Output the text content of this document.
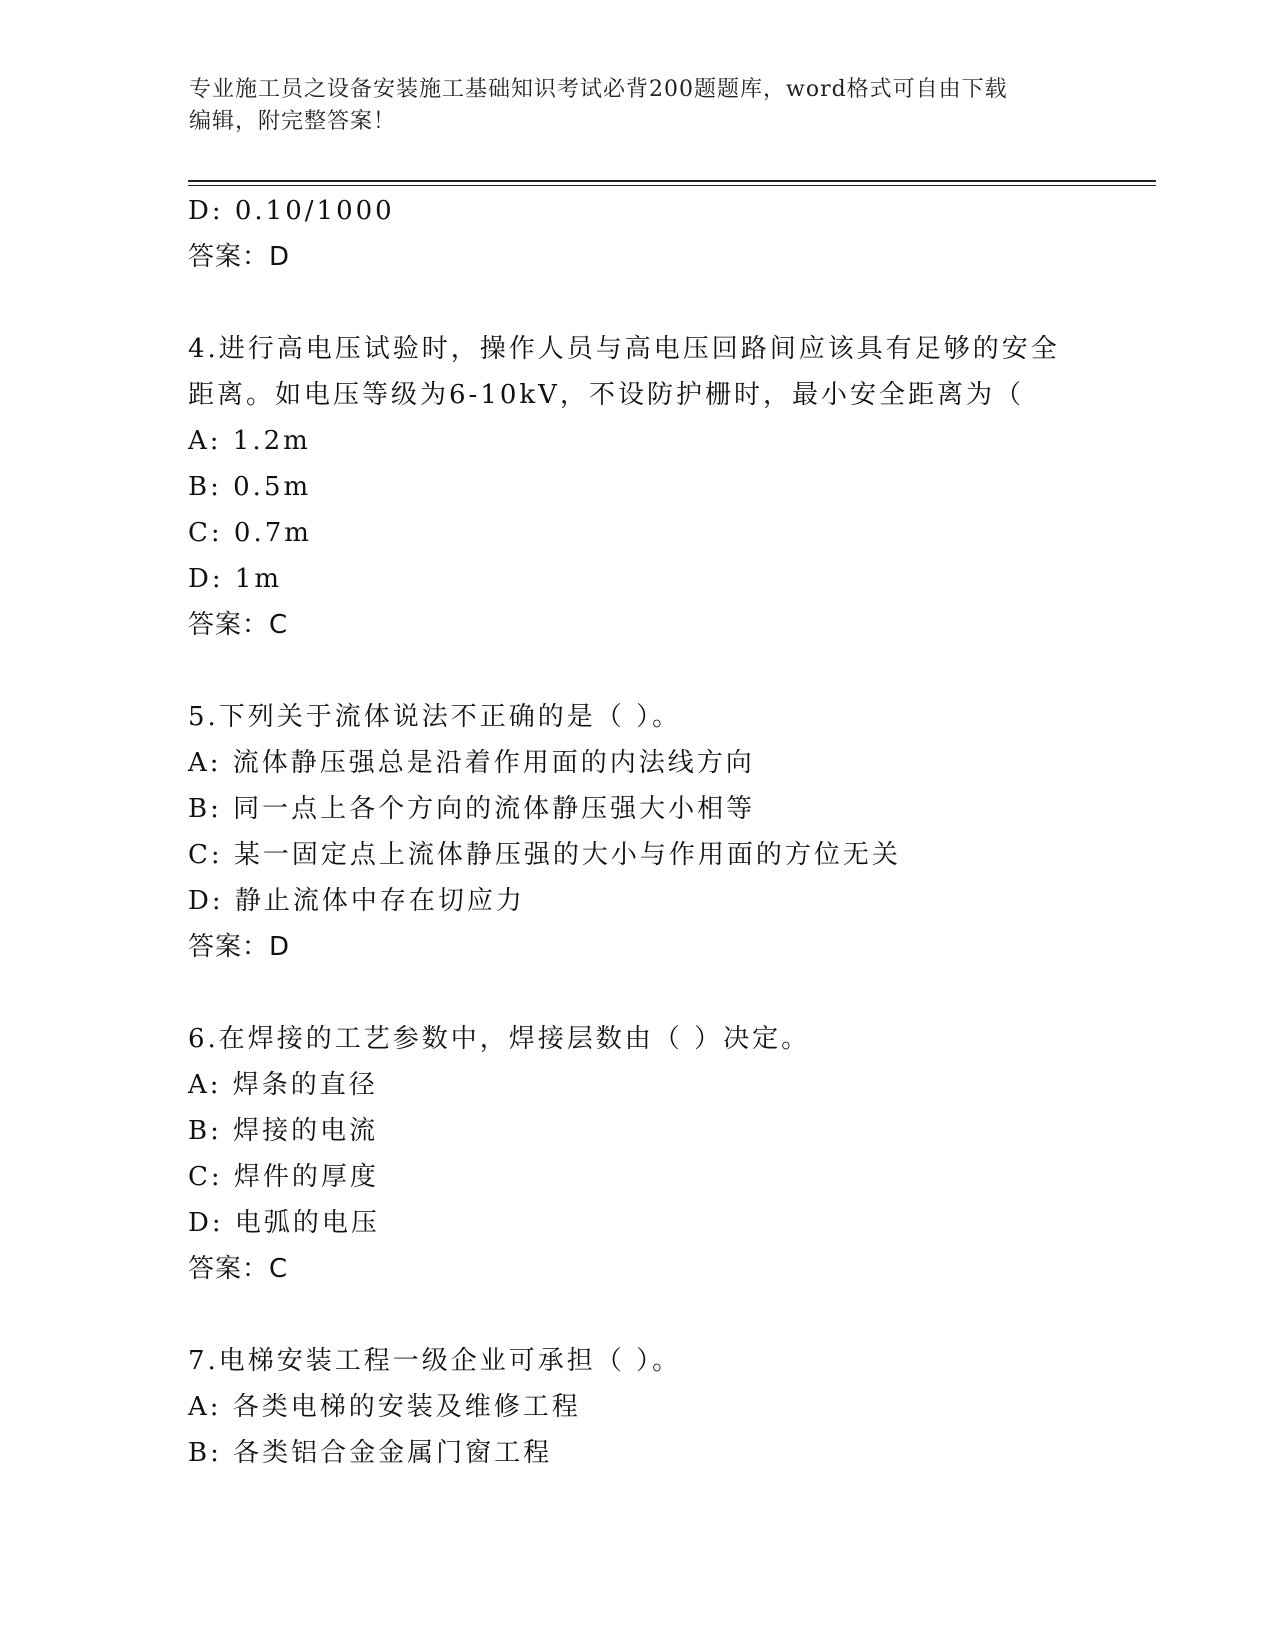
专业施工员之设备安装施工基础知识考试必背200题题库，word格式可自由下载
编辑，附完整答案！
D: 0.10/1000
答案：D
4.进行高电压试验时，操作人员与高电压回路间应该具有足够的安全
距离。如电压等级为6-10kV，不设防护栅时，最小安全距离为（
A: 1.2m
B: 0.5m
C: 0.7m
D: 1m
答案：C
5.下列关于流体说法不正确的是（ ）。
A: 流体静压强总是沿着作用面的内法线方向
B: 同一点上各个方向的流体静压强大小相等
C: 某一固定点上流体静压强的大小与作用面的方位无关
D: 静止流体中存在切应力
答案：D
6.在焊接的工艺参数中，焊接层数由（ ）决定。
A: 焊条的直径
B: 焊接的电流
C: 焊件的厚度
D: 电弧的电压
答案：C
7.电梯安装工程一级企业可承担（ ）。
A: 各类电梯的安装及维修工程
B: 各类铝合金金属门窗工程
